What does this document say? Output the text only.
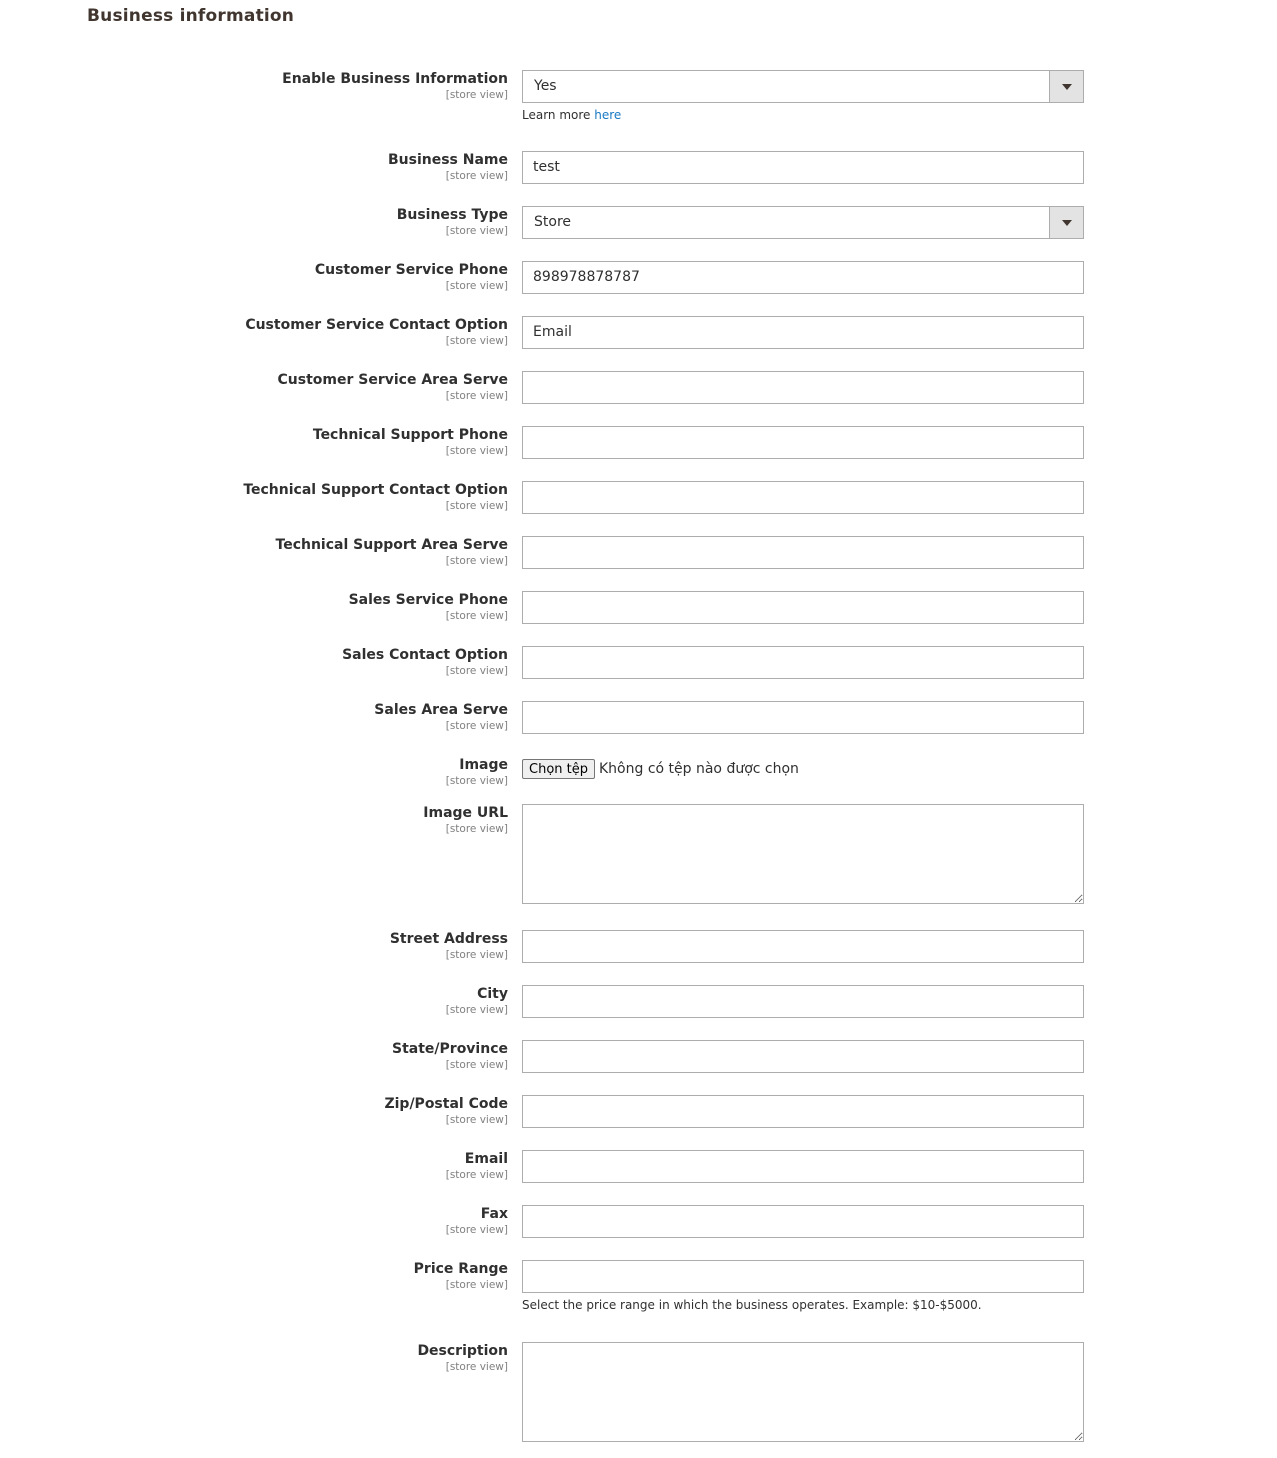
Business information
Enable Business Information
[store view]
Yes
Learn more here
Business Name
[store view]
test
Business Type
[store view]
Store
Customer Service Phone
[store view]
898978878787
Customer Service Contact Option
[store view]
Email
Customer Service Area Serve
[store view]
Technical Support Phone
[store view]
Technical Support Contact Option
[store view]
Technical Support Area Serve
[store view]
Sales Service Phone
[store view]
Sales Contact Option
[store view]
Sales Area Serve
[store view]
Image
[store view]
Chọn tệp Không có tệp nào được chọn
Image URL
[store view]
Street Address
[store view]
City
[store view]
State/Province
[store view]
Zip/Postal Code
[store view]
Email
[store view]
Fax
[store view]
Price Range
[store view]
Select the price range in which the business operates. Example: $10-$5000.
Description
[store view]
